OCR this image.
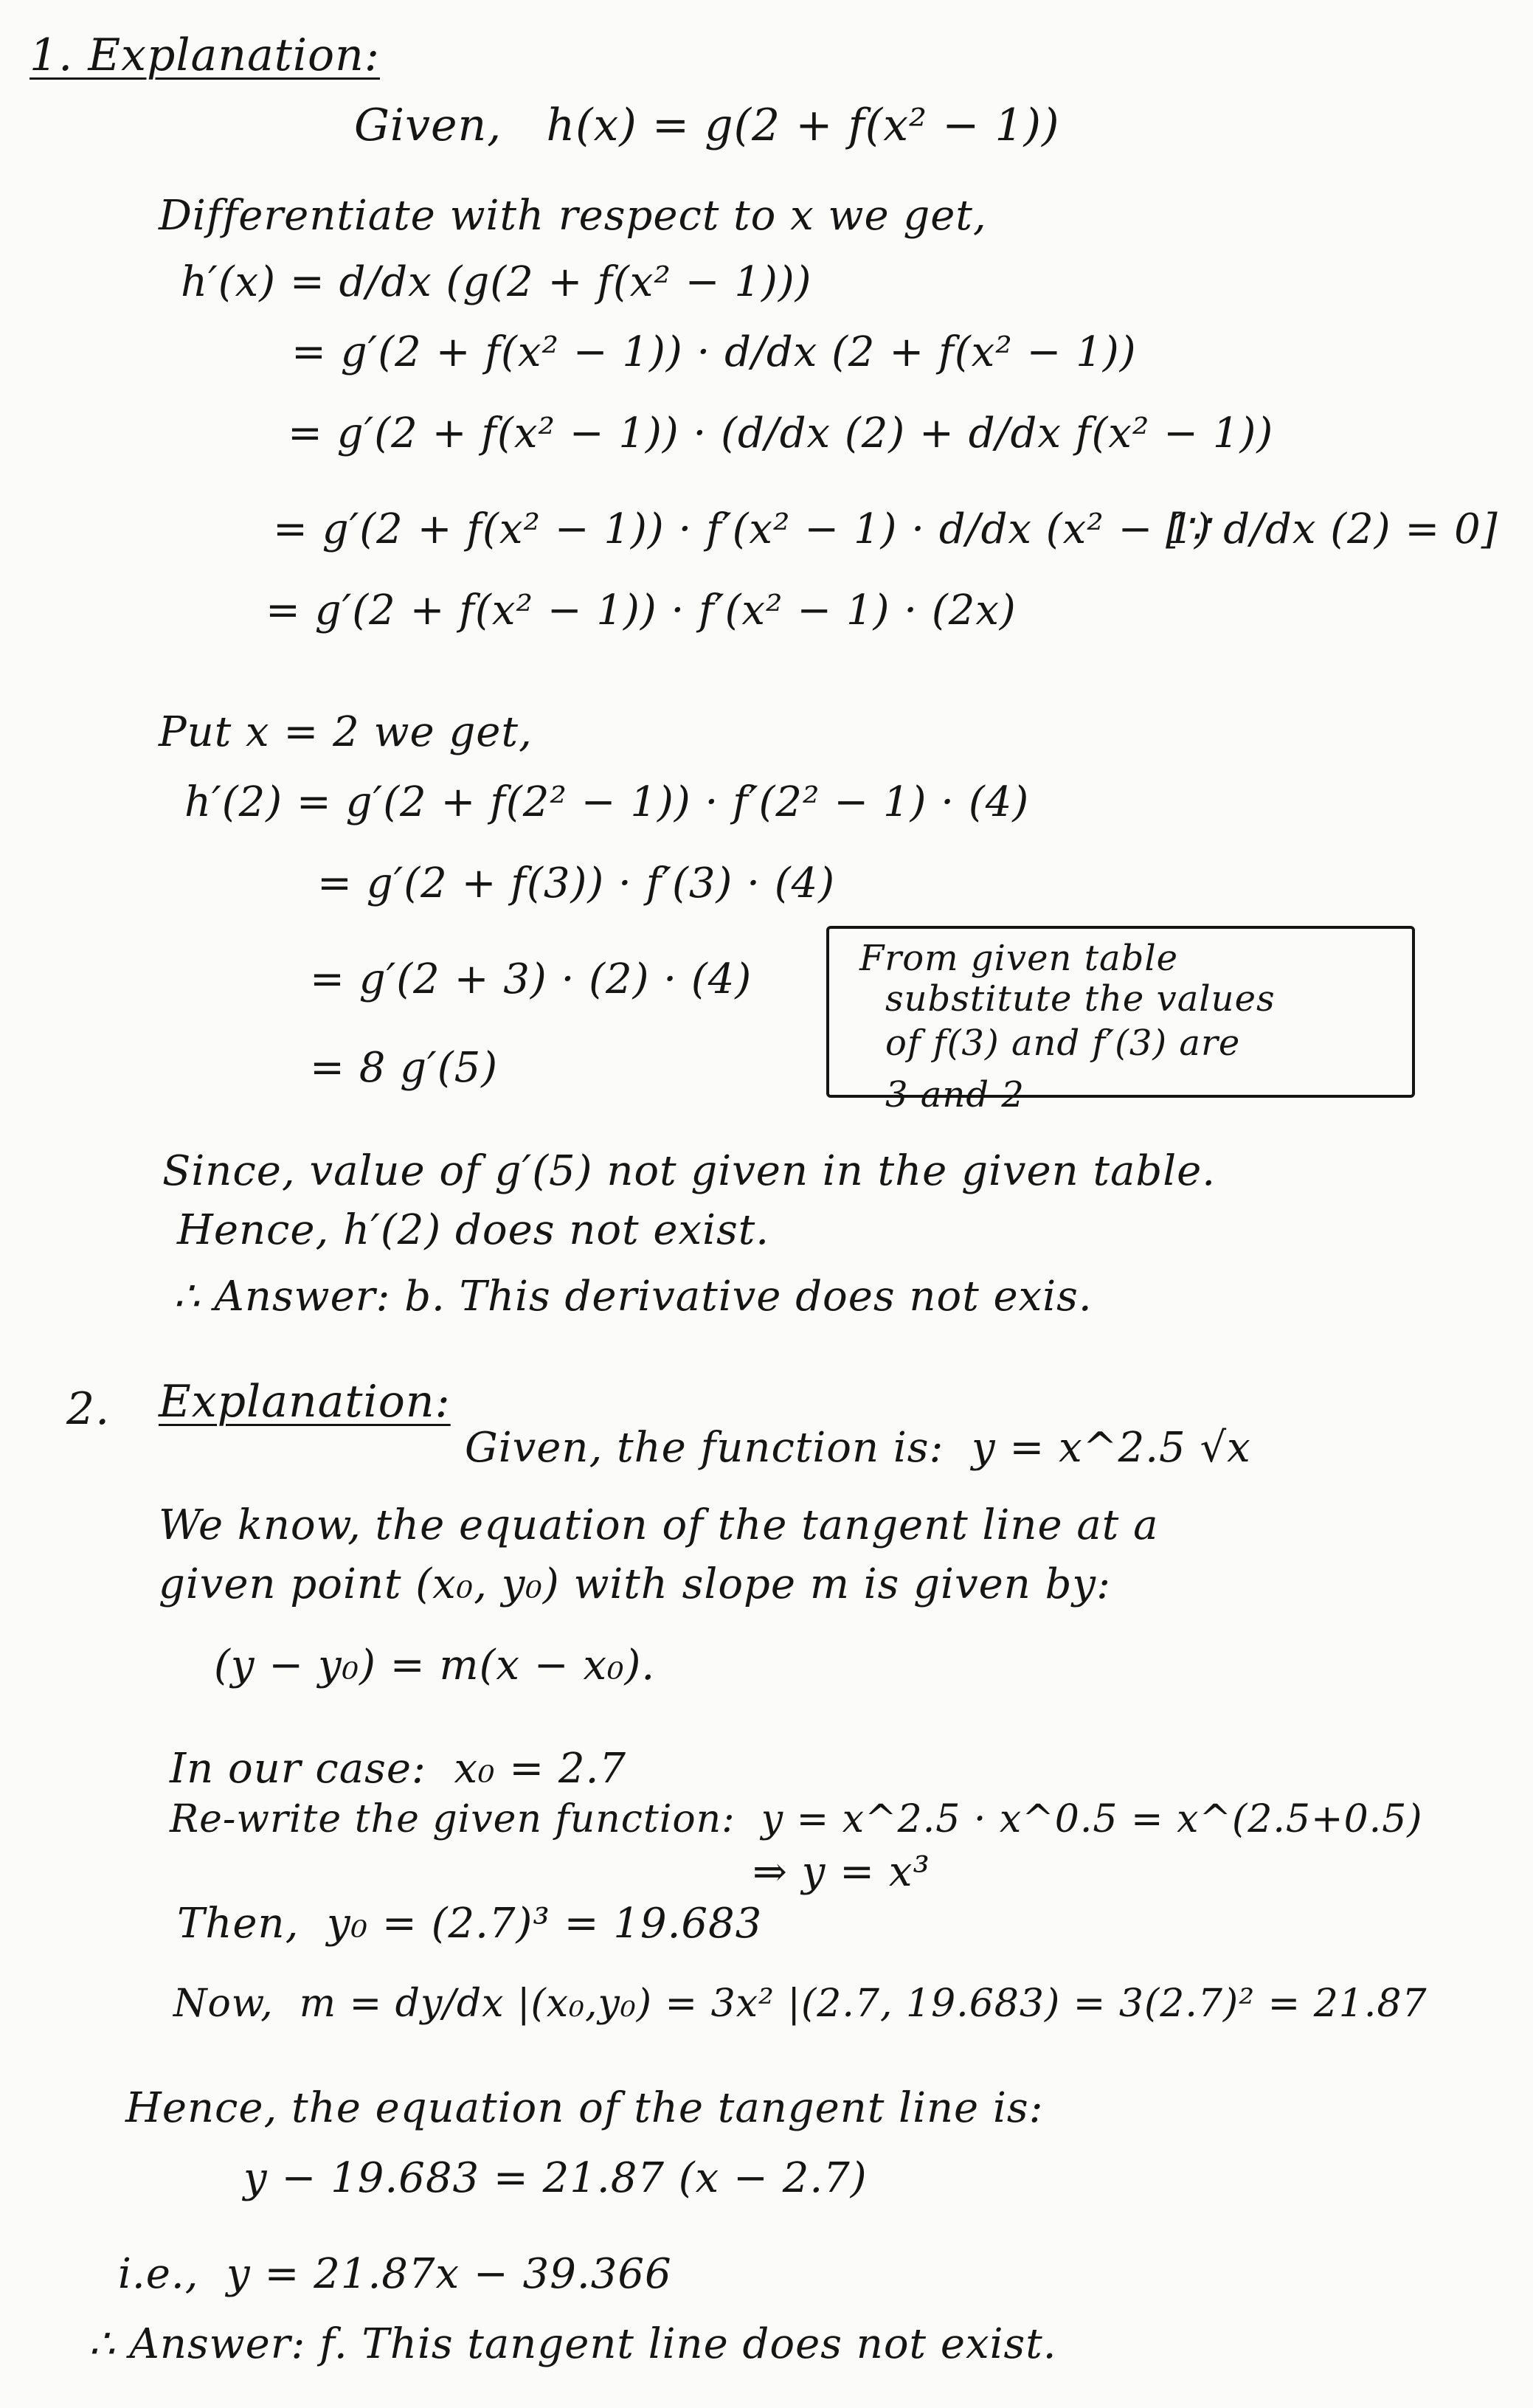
1. Explanation:
Given,   h(x) = g(2 + f(x² − 1))
Differentiate with respect to x we get,
h′(x) = d/dx (g(2 + f(x² − 1)))
= g′(2 + f(x² − 1)) · d/dx (2 + f(x² − 1))
= g′(2 + f(x² − 1)) · (d/dx (2) + d/dx f(x² − 1))
= g′(2 + f(x² − 1)) · f′(x² − 1) · d/dx (x² − 1)
[∵ d/dx (2) = 0]
= g′(2 + f(x² − 1)) · f′(x² − 1) · (2x)
Put x = 2 we get,
h′(2) = g′(2 + f(2² − 1)) · f′(2² − 1) · (4)
= g′(2 + f(3)) · f′(3) · (4)
= g′(2 + 3) · (2) · (4)	From given table
substitute the values
of f(3) and f′(3) are
3 and 2
= 8 g′(5)
Since, value of g′(5) not given in the given table.
Hence, h′(2) does not exist.
∴ Answer: b. This derivative does not exis.
2. Explanation:
Given, the function is:  y = x^2.5 √x
We know, the equation of the tangent line at a
given point (x₀, y₀) with slope m is given by:
(y − y₀) = m(x − x₀).
In our case:  x₀ = 2.7
Re-write the given function:  y = x^2.5 · x^0.5 = x^(2.5+0.5)
⇒ y = x³
Then,  y₀ = (2.7)³ = 19.683
Now,  m = dy/dx |(x₀,y₀) = 3x² |(2.7, 19.683) = 3(2.7)² = 21.87
Hence, the equation of the tangent line is:
y − 19.683 = 21.87 (x − 2.7)
i.e.,  y = 21.87x − 39.366
∴ Answer: f. This tangent line does not exist.
